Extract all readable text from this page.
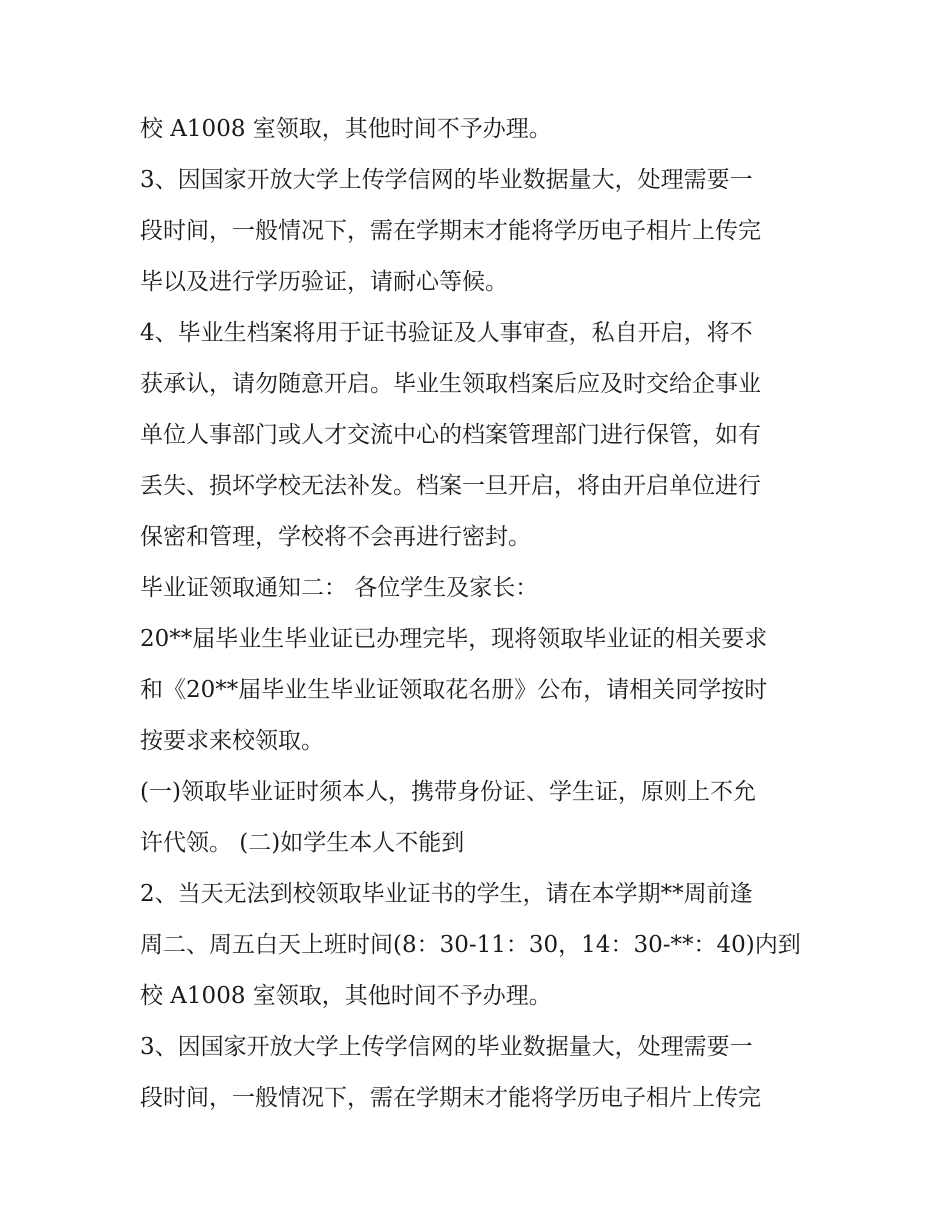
校 A1008 室领取，其他时间不予办理。
3、因国家开放大学上传学信网的毕业数据量大，处理需要一
段时间，一般情况下，需在学期末才能将学历电子相片上传完
毕以及进行学历验证，请耐心等候。
4、毕业生档案将用于证书验证及人事审查，私自开启，将不
获承认，请勿随意开启。毕业生领取档案后应及时交给企事业
单位人事部门或人才交流中心的档案管理部门进行保管，如有
丢失、损坏学校无法补发。档案一旦开启，将由开启单位进行
保密和管理，学校将不会再进行密封。
毕业证领取通知二： 各位学生及家长：
20**届毕业生毕业证已办理完毕，现将领取毕业证的相关要求
和《20**届毕业生毕业证领取花名册》公布，请相关同学按时
按要求来校领取。
(一)领取毕业证时须本人，携带身份证、学生证，原则上不允
许代领。 (二)如学生本人不能到
2、当天无法到校领取毕业证书的学生，请在本学期**周前逢
周二、周五白天上班时间(8：30-11：30，14：30-**：40)内到
校 A1008 室领取，其他时间不予办理。
3、因国家开放大学上传学信网的毕业数据量大，处理需要一
段时间，一般情况下，需在学期末才能将学历电子相片上传完
